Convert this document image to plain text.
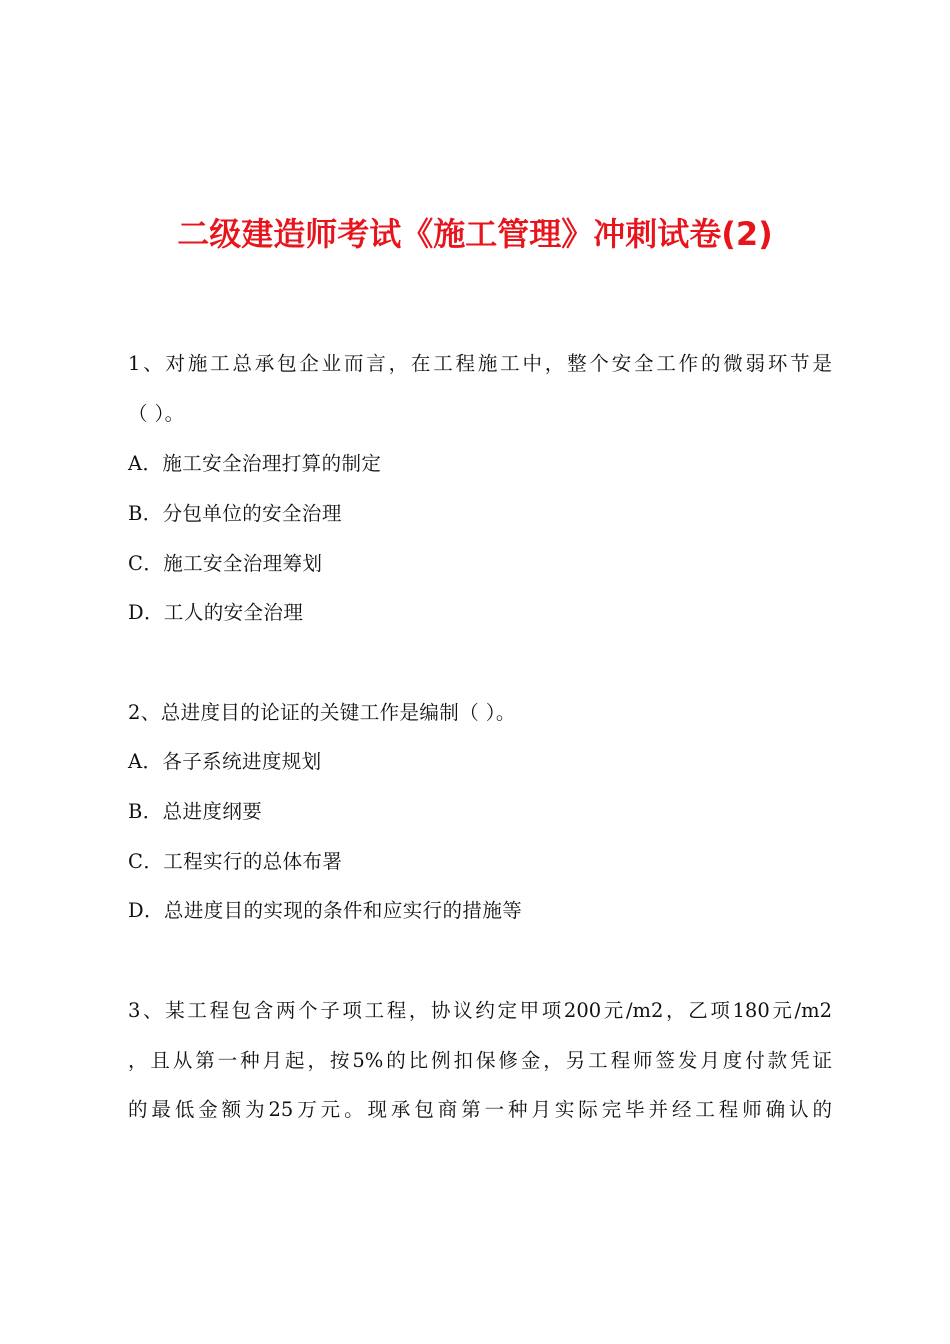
二级建造师考试《施工管理》冲刺试卷(2)
1、对施工总承包企业而言，在工程施工中，整个安全工作的微弱环节是
（ ）。
A．施工安全治理打算的制定
B．分包单位的安全治理
C．施工安全治理筹划
D．工人的安全治理
2、总进度目的论证的关键工作是编制（ ）。
A．各子系统进度规划
B．总进度纲要
C．工程实行的总体布署
D．总进度目的实现的条件和应实行的措施等
3、某工程包含两个子项工程，协议约定甲项200元/m2，乙项180元/m2
，且从第一种月起，按5%的比例扣保修金，另工程师签发月度付款凭证
的最低金额为25万元。现承包商第一种月实际完毕并经工程师确认的
